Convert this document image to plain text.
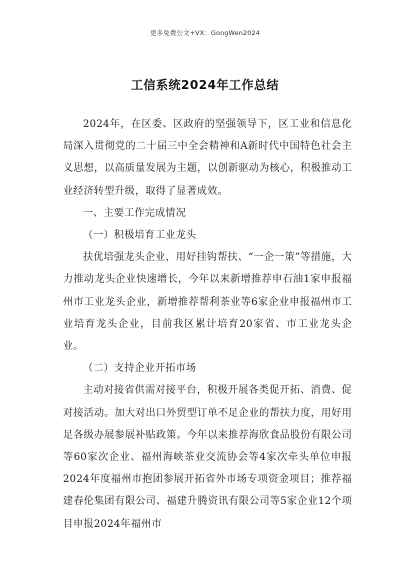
更多免费公文+VX：GongWen2024
工信系统2024年工作总结

2024年，在区委、区政府的坚强领导下，区工业和信息化局深入贯彻党的二十届三中全会精神和A新时代中国特色社会主义思想，以高质量发展为主题，以创新驱动为核心，积极推动工业经济转型升级，取得了显著成效。

一、主要工作完成情况

（一）积极培育工业龙头

扶优培强龙头企业，用好挂钩帮扶、“一企一策”等措施，大力推动龙头企业快速增长，今年以来新增推荐申石油1家申报福州市工业龙头企业，新增推荐帮利茶业等6家企业申报福州市工业培育龙头企业，目前我区累计培育20家省、市工业龙头企业。

（二）支持企业开拓市场

主动对接省供需对接平台，积极开展各类促开拓、消费、促对接活动。加大对出口外贸型订单不足企业的帮扶力度，用好用足各级办展参展补贴政策。今年以来推荐海欣食品股份有限公司等60家次企业、福州海峡茶业交流协会等4家次牵头单位申报2024年度福州市抱团参展开拓省外市场专项资金项目；推荐福建春伦集团有限公司、福建升腾资讯有限公司等5家企业12个项目申报2024年福州市
